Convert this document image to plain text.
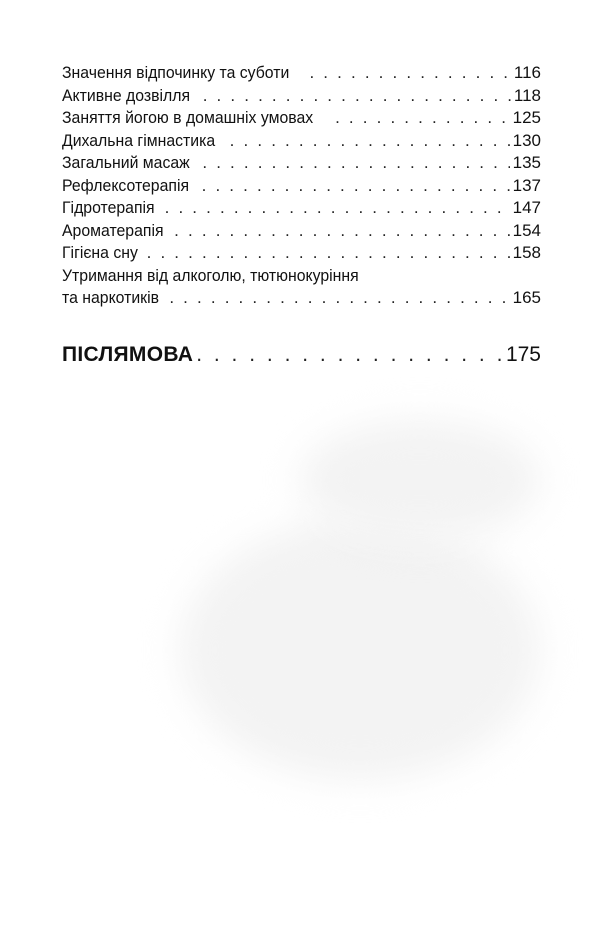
Значення відпочинку та суботи . . .	116
Активне дозвілля . . .	118
Заняття йогою в домашніх умовах . . .	125
Дихальна гімнастика . . .	130
Загальний масаж . . .	135
Рефлексотерапія . . .	137
Гідротерапія . . .	147
Ароматерапія . . .	154
Гігієна сну . . .	158
Утримання від алкоголю, тютюнокуріння
та наркотиків . . .	165
ПІСЛЯМОВА . . .	175
